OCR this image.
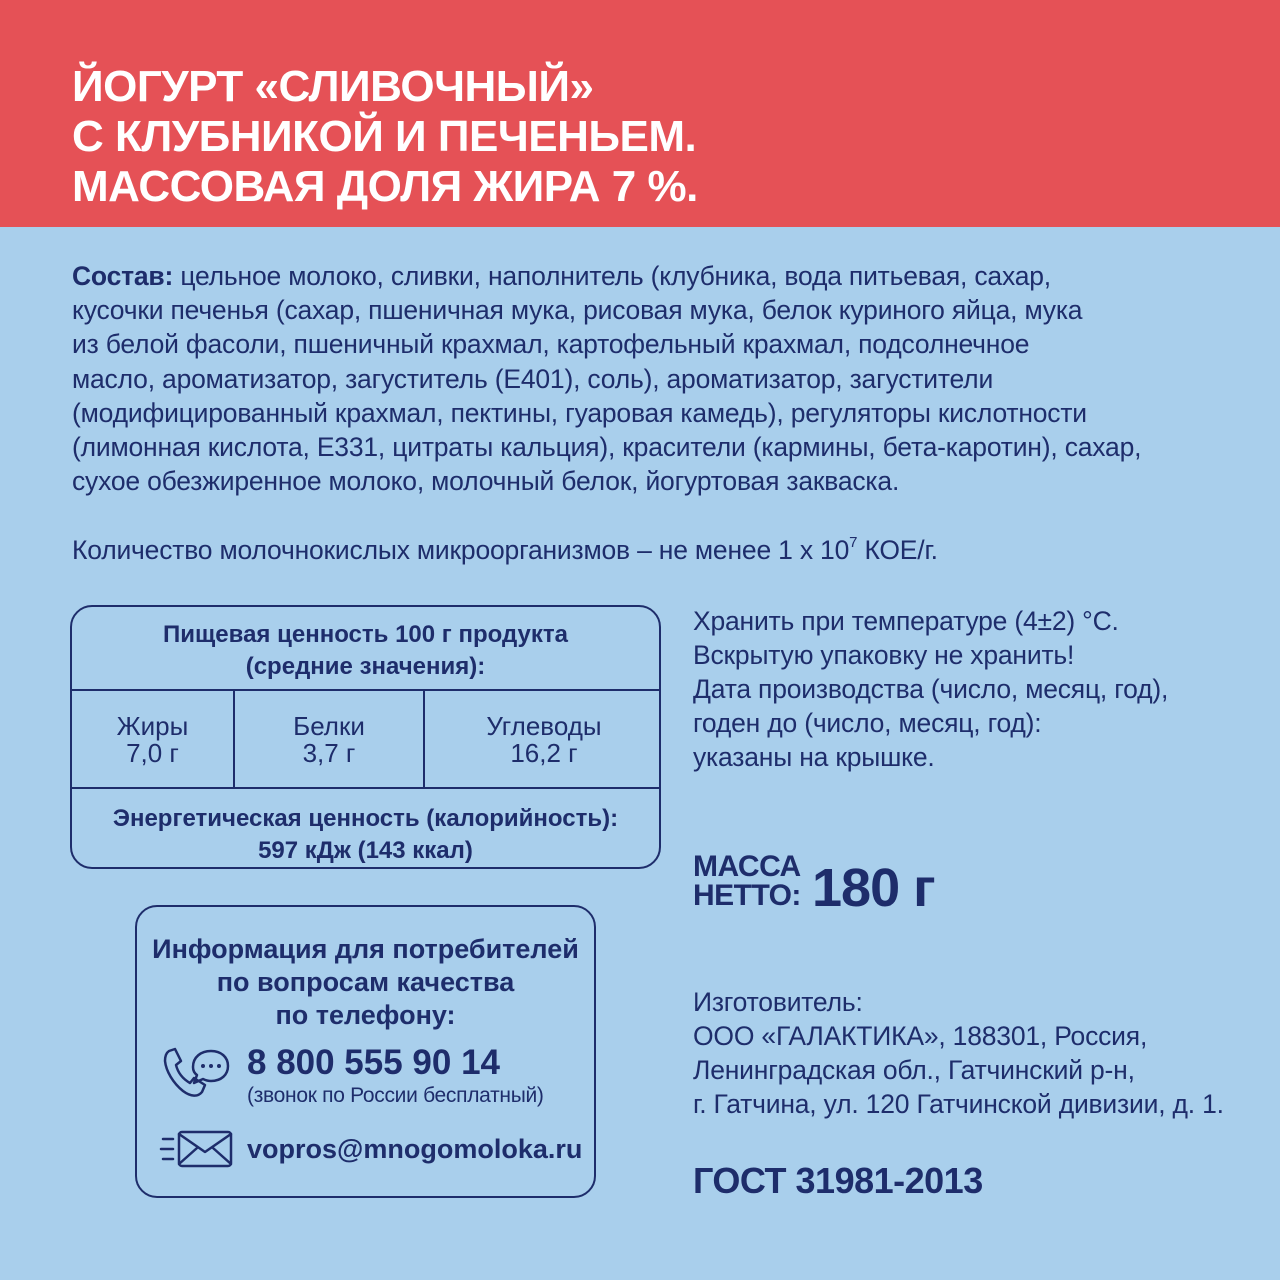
ЙОГУРТ «СЛИВОЧНЫЙ»
С КЛУБНИКОЙ И ПЕЧЕНЬЕМ.
МАССОВАЯ ДОЛЯ ЖИРА 7 %.
Состав: цельное молоко, сливки, наполнитель (клубника, вода питьевая, сахар,
кусочки печенья (сахар, пшеничная мука, рисовая мука, белок куриного яйца, мука
из белой фасоли, пшеничный крахмал, картофельный крахмал, подсолнечное
масло, ароматизатор, загуститель (Е401), соль), ароматизатор, загустители
(модифицированный крахмал, пектины, гуаровая камедь), регуляторы кислотности
(лимонная кислота, Е331, цитраты кальция), красители (кармины, бета-каротин), сахар,
сухое обезжиренное молоко, молочный белок, йогуртовая закваска.
Количество молочнокислых микроорганизмов – не менее 1 х $10^7$ КОЕ/г.
Пищевая ценность 100 г продукта
(средние значения):
Жиры
7,0 г
Белки
3,7 г
Углеводы
16,2 г
Энергетическая ценность (калорийность):
597 кДж (143 ккал)
Информация для потребителей
по вопросам качества
по телефону:
8 800 555 90 14
(звонок по России бесплатный)
vopros@mnogomoloka.ru
Хранить при температуре (4±2) °С.
Вскрытую упаковку не хранить!
Дата производства (число, месяц, год),
годен до (число, месяц, год):
указаны на крышке.
МАССА
НЕТТО: 180 г
Изготовитель:
ООО «ГАЛАКТИКА», 188301, Россия,
Ленинградская обл., Гатчинский р-н,
г. Гатчина, ул. 120 Гатчинской дивизии, д. 1.
ГОСТ 31981-2013
